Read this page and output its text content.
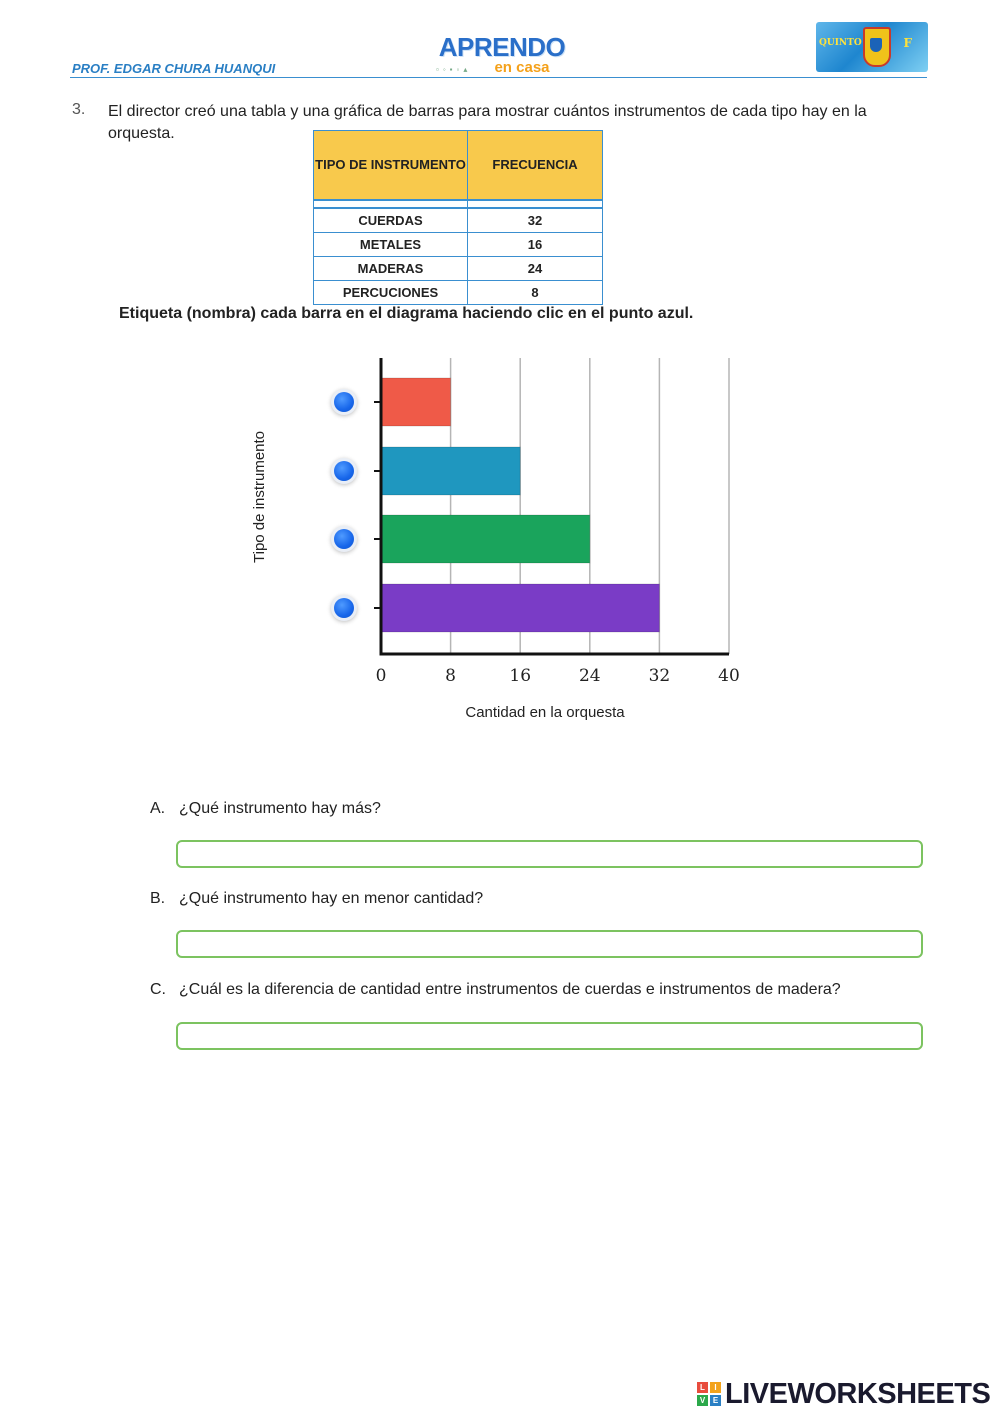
PROF. EDGAR CHURA HUANQUI
APRENDO
en casa
▫◦▪◦▴
QUINTO	F
3. El director creó una tabla y una gráfica de barras para mostrar cuántos instrumentos de cada tipo hay en la orquesta.
TIPO DE INSTRUMENTO	FRECUENCIA

CUERDAS	32
METALES	16
MADERAS	24
PERCUCIONES	8
Etiqueta (nombra) cada barra en el diagrama haciendo clic en el punto azul.
0	8	16	24	32	40
Cantidad en la orquesta
Tipo de instrumento
A. ¿Qué instrumento hay más?
B. ¿Qué instrumento hay en menor cantidad?
C. ¿Cuál es la diferencia de cantidad entre instrumentos de cuerdas e instrumentos de madera?
L	I
V E LIVEWORKSHEETS
